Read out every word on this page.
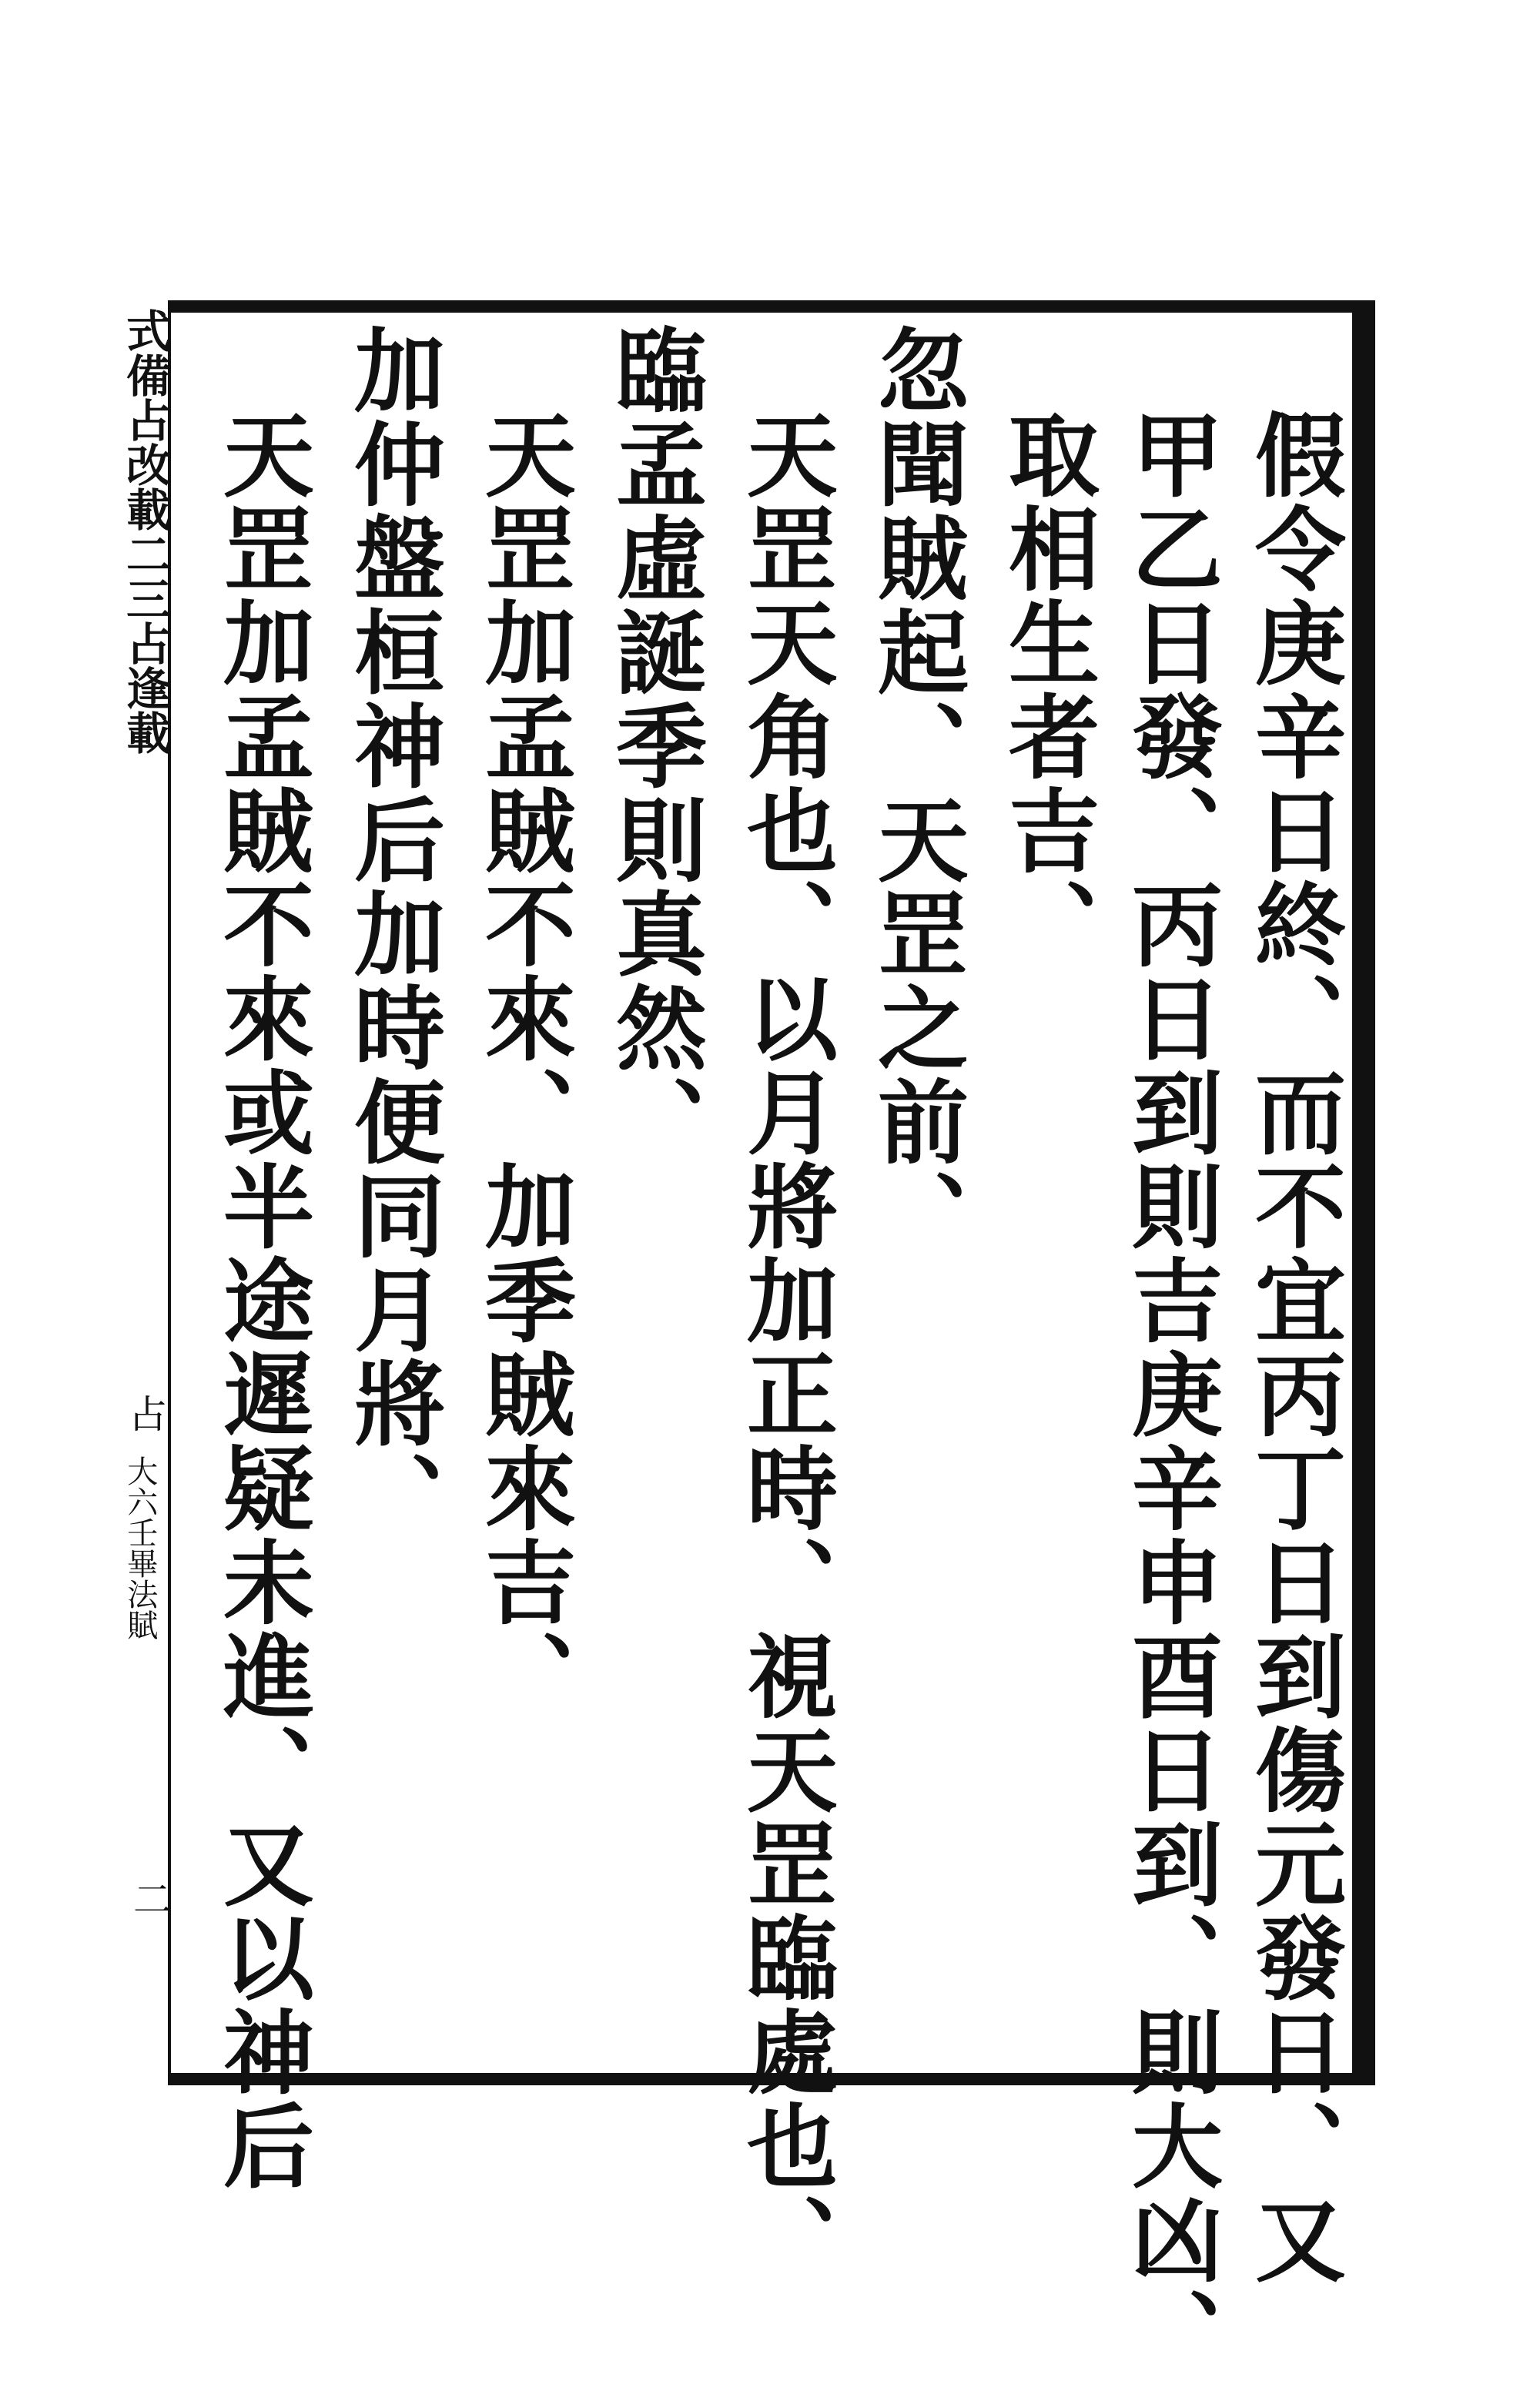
式備占改載二三占逢載
占
大六壬畢法賦
二	假令庚辛日終、而不宜丙丁日到傷元發日、又
甲乙日發、丙日到則吉庚辛申酉日到、則大凶、
取相生者吉、
忽聞賊起、天罡之前、
天罡天角也、以月將加正時、視天罡臨處也、
臨孟虛誕季則真然、
天罡加孟賊不來、加季賊來吉、
加仲盤桓神后加時便同月將、
天罡加孟賊不來或半途遲疑未進、又以神后
